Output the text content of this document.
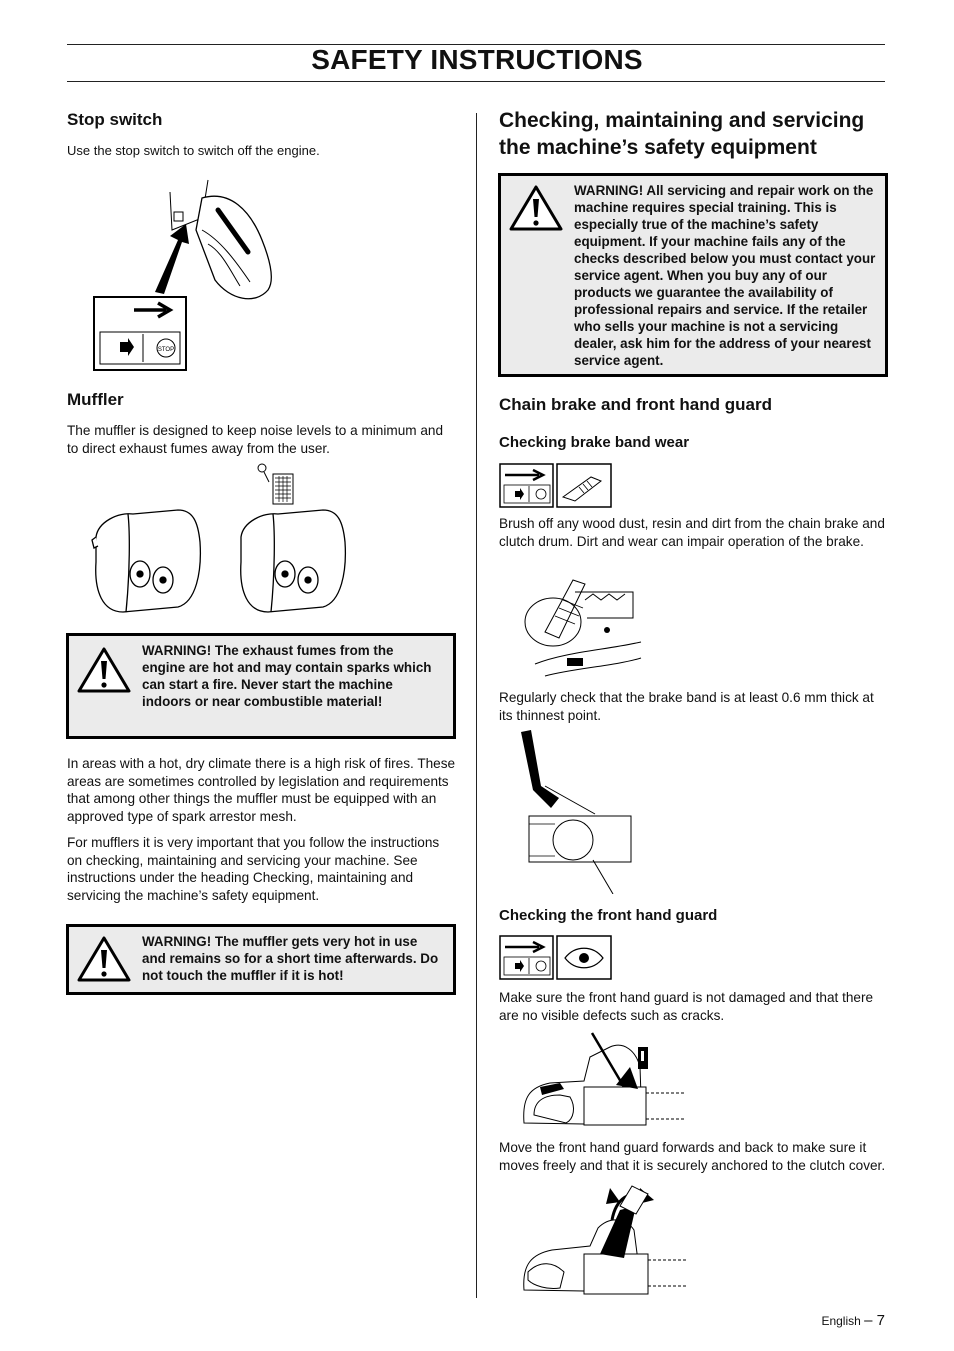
SAFETY INSTRUCTIONS
Stop switch
Use the stop switch to switch off the engine.
STOP
Muffler
The muffler is designed to keep noise levels to a minimum and to direct exhaust fumes away from the user.
WARNING! The exhaust fumes from the engine are hot and may contain sparks which can start a fire. Never start the machine indoors or near combustible material!
In areas with a hot, dry climate there is a high risk of fires. These areas are sometimes controlled by legislation and requirements that among other things the muffler must be equipped with an approved type of spark arrestor mesh.
For mufflers it is very important that you follow the instructions on checking, maintaining and servicing your machine. See instructions under the heading Checking, maintaining and servicing the machine’s safety equipment.
WARNING! The muffler gets very hot in use and remains so for a short time afterwards. Do not touch the muffler if it is hot!
Checking, maintaining and servicing the machine’s safety equipment
WARNING! All servicing and repair work on the machine requires special training. This is especially true of the machine’s safety equipment. If your machine fails any of the checks described below you must contact your service agent. When you buy any of our products we guarantee the availability of professional repairs and service. If the retailer who sells your machine is not a servicing dealer, ask him for the address of your nearest service agent.
Chain brake and front hand guard
Checking brake band wear
Brush off any wood dust, resin and dirt from the chain brake and clutch drum. Dirt and wear can impair operation of the brake.
Regularly check that the brake band is at least 0.6 mm thick at its thinnest point.
Checking the front hand guard
Make sure the front hand guard is not damaged and that there are no visible defects such as cracks.
Move the front hand guard forwards and back to make sure it moves freely and that it is securely anchored to the clutch cover.
English – 7
